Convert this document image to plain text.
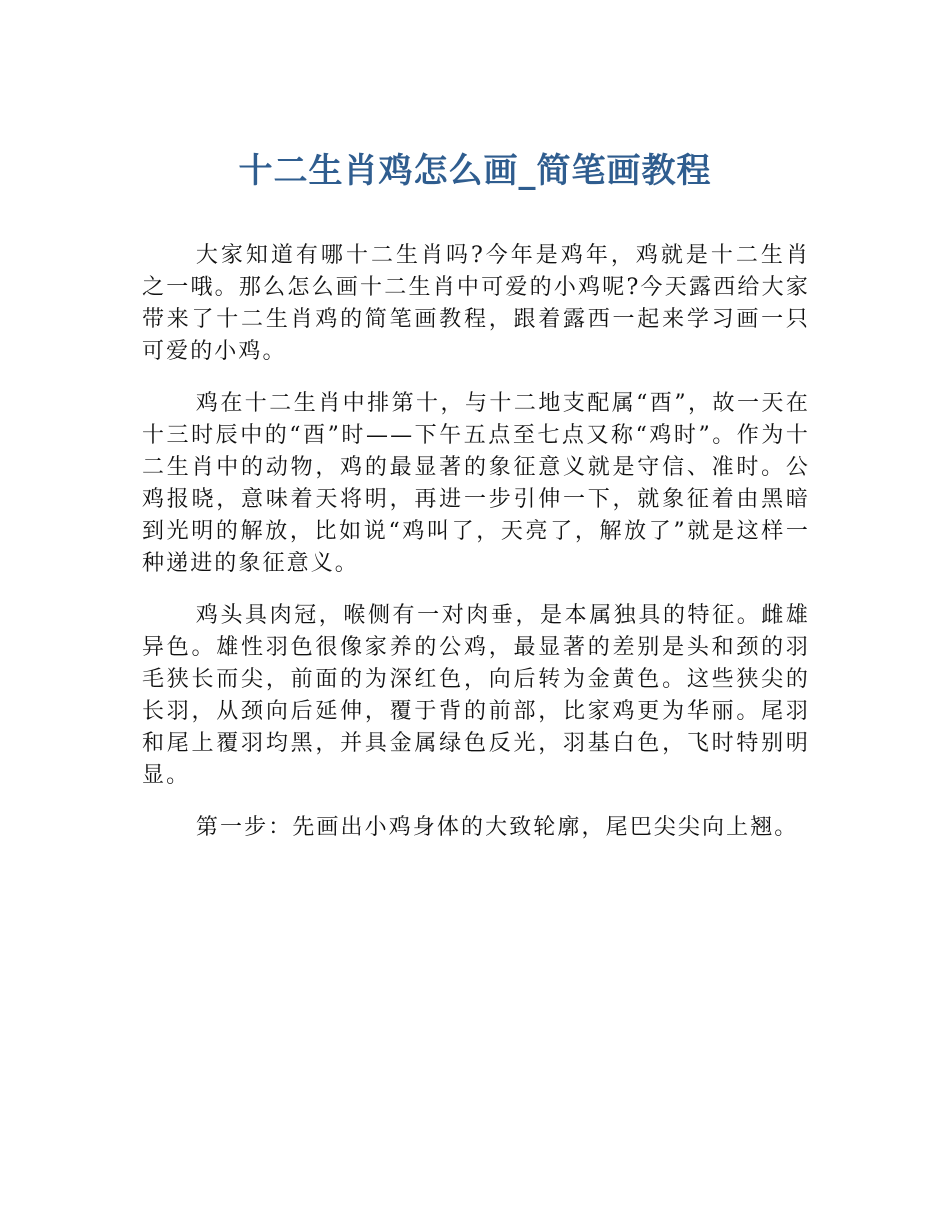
十二生肖鸡怎么画_简笔画教程

大家知道有哪十二生肖吗?今年是鸡年，鸡就是十二生肖之一哦。那么怎么画十二生肖中可爱的小鸡呢?今天露西给大家带来了十二生肖鸡的简笔画教程，跟着露西一起来学习画一只可爱的小鸡。

鸡在十二生肖中排第十，与十二地支配属“酉”，故一天在十三时辰中的“酉”时——下午五点至七点又称“鸡时”。作为十二生肖中的动物，鸡的最显著的象征意义就是守信、准时。公鸡报晓，意味着天将明，再进一步引伸一下，就象征着由黑暗到光明的解放，比如说“鸡叫了，天亮了，解放了”就是这样一种递进的象征意义。

鸡头具肉冠，喉侧有一对肉垂，是本属独具的特征。雌雄异色。雄性羽色很像家养的公鸡，最显著的差别是头和颈的羽毛狭长而尖，前面的为深红色，向后转为金黄色。这些狭尖的长羽，从颈向后延伸，覆于背的前部，比家鸡更为华丽。尾羽和尾上覆羽均黑，并具金属绿色反光，羽基白色，飞时特别明显。

第一步：先画出小鸡身体的大致轮廓，尾巴尖尖向上翘。
